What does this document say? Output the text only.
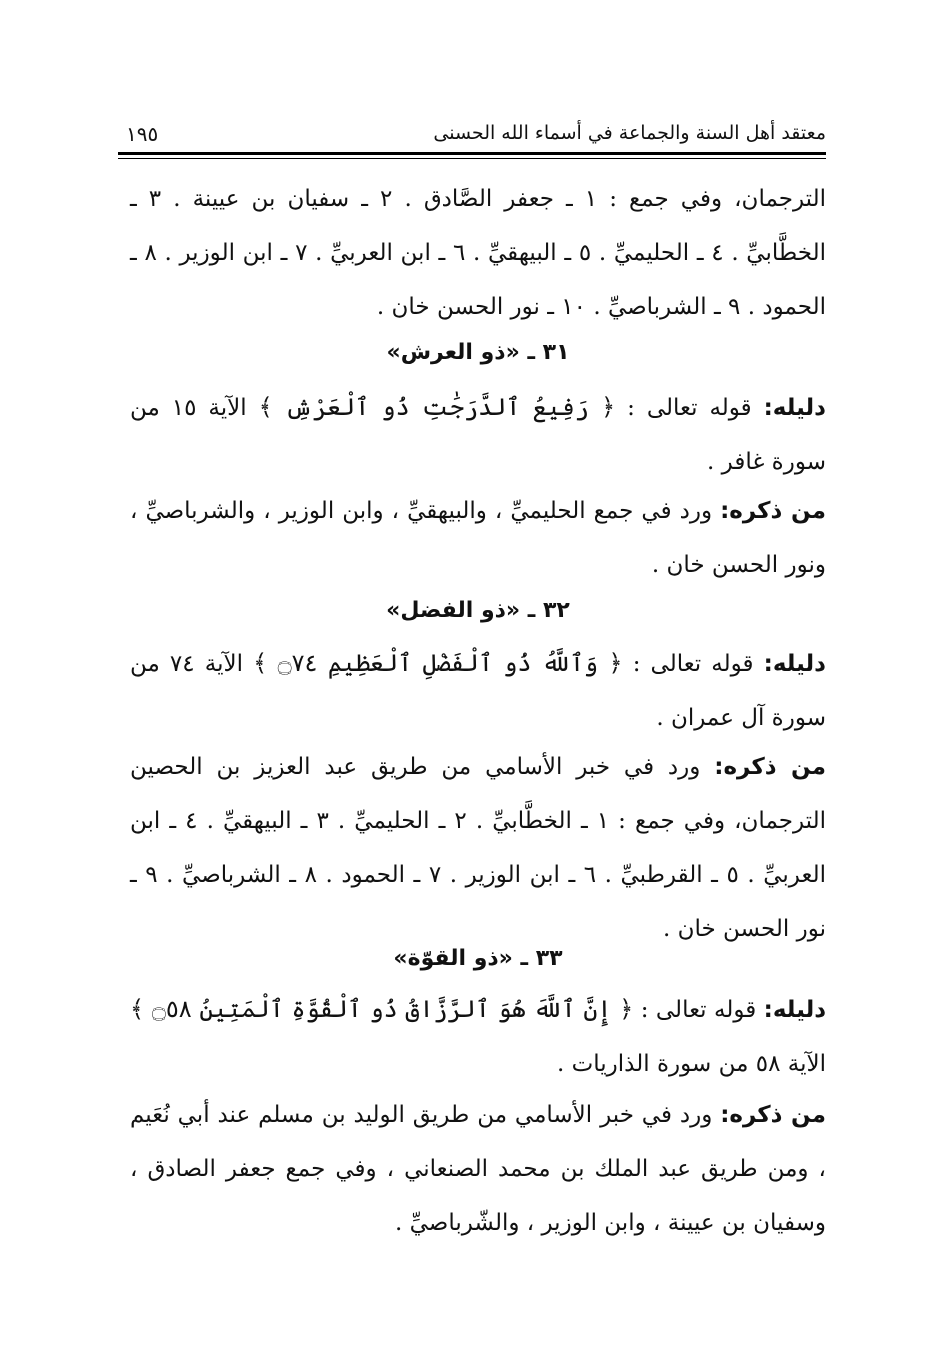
معتقد أهل السنة والجماعة في أسماء الله الحسنى
١٩٥

الترجمان، وفي جمع : ١ ـ جعفر الصَّادق . ٢ ـ سفيان بن عيينة . ٣ ـ الخطَّابيِّ . ٤ ـ الحليميِّ . ٥ ـ البيهقيِّ . ٦ ـ ابن العربيِّ . ٧ ـ ابن الوزير . ٨ ـ الحمود . ٩ ـ الشرباصيِّ . ١٠ ـ نور الحسن خان .

٣١ ـ «ذو العرش»

دليله: قوله تعالى : ﴿ رَفِيعُ ٱلدَّرَجَٰتِ ذُو ٱلْعَرْشِ ﴾ الآية ١٥ من سورة غافر .

من ذكره: ورد في جمع الحليميِّ ، والبيهقيِّ ، وابن الوزير ، والشرباصيِّ ، ونور الحسن خان .

٣٢ ـ «ذو الفضل»

دليله: قوله تعالى : ﴿ وَٱللَّهُ ذُو ٱلْفَضْلِ ٱلْعَظِيمِ ۝٧٤ ﴾ الآية ٧٤ من سورة آل عمران .

من ذكره: ورد في خبر الأسامي من طريق عبد العزيز بن الحصين الترجمان، وفي جمع : ١ ـ الخطَّابيِّ . ٢ ـ الحليميِّ . ٣ ـ البيهقيِّ . ٤ ـ ابن العربيِّ . ٥ ـ القرطبيِّ . ٦ ـ ابن الوزير . ٧ ـ الحمود . ٨ ـ الشرباصيِّ . ٩ ـ نور الحسن خان .

٣٣ ـ «ذو القوّة»

دليله: قوله تعالى : ﴿ إِنَّ ٱللَّهَ هُوَ ٱلرَّزَّاقُ ذُو ٱلْقُوَّةِ ٱلْمَتِينُ ۝٥٨ ﴾ الآية ٥٨ من سورة الذاريات .

من ذكره: ورد في خبر الأسامي من طريق الوليد بن مسلم عند أبي نُعَيم ، ومن طريق عبد الملك بن محمد الصنعاني ، وفي جمع جعفر الصادق ، وسفيان بن عيينة ، وابن الوزير ، والشّرباصيِّ .
